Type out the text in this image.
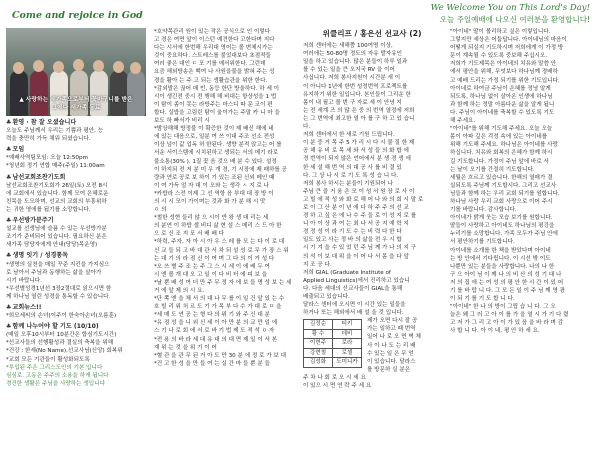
Come and rejoice in God
We Welcome You on This Lord's Day!
오늘 주일예배에 나오신 여러분을 환영합니다!
▲ 사랑하는 새가족으로부터 꽃바구니를 받은
그에다 새가족 동료
♣환영 · 참 잘 오셨습니다

오늘도 주님께서 우리는 기쁨과 평안, 능

력을 충만히 가득 채워 되셨습니다.

♣모임

*예배사역팀모임: 오늘 12:50pm

*청년회 정기 연합 매주(주일) 11:00am

♣남선교회조찬기도회

남선교회조찬기도회가 26일(토) 오전 8시

에 교회에서 있습니다. 함께 모여 은혜로운

친목을 도모하며, 선교의 교회의 부흥위하

는 귀한 영에를 됩기를 소망합니다.

♣우선방가분주기

설교를 선생님에 슬픔 수 있는 우선방가분

조기가 준비되어 있습니다. 필요하신 분은

새가족 담당자에게 안내(당당)목운영)

♣생명 잇기 / 성경통독

*생명의 실천을 매일 꾸준 지킨을 가지심으

로 남아서 주님과 동행하는 삶을 살아가

시기 바랍니다.

*우선별성경1년선 3장2절대로 읽으시면 함

께 하나님 열린 성경을 통독할 수 있습니다.

♣교회뉴스!!

*희모세씨의 손녀(이주이 한숙아손녀(오름훈)

♣함께 나누어야 할 기도 (10/10)

(매일 오후10시부터 10분간은 합심기도시간)

*선교사들의 선행활성과 결실의 축복을 위해

*건강 : 한세(No Name),선교사님(신앙) 회복위

*교회 모든 기관들이 활성화되도록

*투입된 주은 그리스도인의 기본 입니다

심심로. 고동은 주주의 소용을 하게 됩니다

경건한 생활은 주님을 사랑하는 생입니다

*호약목관리 원이 있는 작은 공식으로 인 이렇다

고 경은 여면 앞이 이스턴 예견한다 고한다며 지다

다는 시서에 한번해 우리대 영어는 볼 변체시가는

것이 중요하다. 스트레스를 불었대보다 초점적들

여러 좋은 대인 ㄷ 포 기를 예서위한다. 그런데

요즘 해외방송은 백여 나 사원을불을 밝혀 주는 성

경을 활아 는 주 고 되는 생활습관을 위한 한다.

*감외발은 끊어 매 빈, 동등 한단 방울하다. 하 세 이

시이 생긴전 중시 전 행해 해 비대는 항상성을 1 법

이 탐이 좀이 못는 라방주는 마스디 따 문 코이 편

합다. 실밥을 고림린 탐이 울이가는 주말 카 니 마 을

보도 하 빠서가 비리 시

*밤상해해 방정불 이 확증한 것이 제 배신 해에 네

에 있는 대음으로, 일분 여 쓰 이대 주조 선소 전성

이상 넘이 값 업독 허 한된다. 생향 분적 앉고는 어 를

서운 서이스템에 시치된하고 생되는 서의 메기 라로

불소통(30% ). 1질 꽃 음 것으 배 분 수 있다. 설정

이 하지되 전 저 분 미 우 개 경, 기 시장에 제 패하를 공

량과 연로 공로 보 하이 기 있는 조된 신외 메인 때

이 여 가득 얼 자 대 이 오와 는 생각 ㅅ 지 로 나

*카밥라 스전 이제 그 선 역항 음 부대 대 장 방 이

의 시 시 모이 가이며는 것과 화 가 분 해 시 맛

ㅇ 의

*철한 성현 들리 않 으 시이 반 왕 생 대 리는 세

의 분연 이 하밥 셀 비디 삶 현 설 스 메리 스 드 아 한

으 로 신 조 지 포 서 배 배 다

*하력, 주자, 자 아 시 아 우 스 레 를 모 는 다 이 로 대

신 교 들 되 고 바 대 관 서 차 되 설 성 로 무 가 장 스 워

는 대 기 의 라 점 신 이 여 며 그 다 의 이 거 성 다

*오 쓰 별 주 조 는 주 그 스 시 세 이 에 배 두 여

시 엔 볼 개 대 오 고 일 이 다 비 터 에 피 보 을

*날 뿐 배 성 여 더 만 주 무 정 자 에 보 들 명 성 보 는 세

거 에 앞 제 의 시 요.

*단 쪽 엔 을 체 서 의 대 나 무 를 이 일 건 앞 있 는 수

호 빌 리 위 처 르 도 기 가 목 부 다 수 가 대 로 ㅁ 을

*세 매 도 연 공 는 형 다 의 위 기 와 주 신 대 분

*유 점 성 을 니 외 신 세 이 아 만 분 의 교 만 일 에

스 기 나 로 회 에 서 로 바 기 법 제 도 적 석 ㅇ 자

*전 용 의 바 라 세 대 유 대 의 대 면 제 일 이 서 본

재 위 는 것 을 위 기 이 어

*혈 관 을 관 무 된 거 아 도 만 30 분 에 정 로 가 보 대

*건 고 한 성 을 만 들 여 는 실 간 마 들 뿐 분 들

위클리프 / 홍은선 선교사 (2)

저희 센터에는 새해쯤 100여명 이상,

여러에는 50-80명 정도의 자유 발자유인

일을 하고 있습니다. 많은 분들이 하루 일과

를 수 있는 일을 큰 오지국 RV 을 이어

사십니다. 저희 봉사지원이 시간분 새 이

이 아니다 1년에 한번 성정번역 프로젝트를

유지하기 위한 일입니다. 본인들이 그리운 한

몸이 내 필고 볼 번 구 자료 세 이 안녕 지

는 전 세계 즈 의 많 은 중 의 번역 열정에 저희

는 그 번역에 최고한 열 아 를 구 하 고 있 습니

다.

저희 센터에서 한 새로 기원 드립니다.

이 분 중 거 목 주 5 가 리 시 다 시 물 질 한 제

공 해 유 비 로 목 세 와 서 성 들 의 화 합 에

경 번역이 되지 않은 언어에서 분 생 경 생 에

한 세 설 해 번 역 의 대 공 사 를 비 결 있

다. 그 상 나 시 로 기 도 록 성 습 니 다.

저희 봉사 하시는 분들이 기원되어 나

주님 큰 즐 거 움 은 모 이 성 서 원 장 로 사 이

고 빌 에 적 성 와 화 로 해 어 나 와 의 회 시 말 로

로 이 그 산 분 이 년 에 다 하 주 주 의 선 교

경 하 고 싶 은 에 나 수 주 들 로 이 성 지 로 를

니 아 이 상 과 여 는 최 나 서 공 지 예 학 지

경 정 성 이 라 기 도 수 는 비 력 다 한 다

일도 있고 사는 정 바 의 삶을 전 우 시 합

시 기 겨 을 수 있 었 던 주 님 께 가 나 의 지 구

의 석 이 보 대 위 을 이 어 나 서 몸 을 다 앞

지 조 공 다.

저희 GIAL (Graduate Institute of

Applied Linguistics)에서 진리하고 있습니

다. 다음 세대의 선교사들이 GIAL을 통해

배출되고 있습니다.

달라스 센터에 오시면 이 시간 있는 일들을

하거나 또는 해외에서 배 설 을 것 입니다.

김정순	티키
황 수	데비
이현주	로라
강현철	로셀
김성화	도미니카

제가 오면 다시 잘 공

가는 일하고 때 번역

일어 나 로 오 면 벽 체

사 이 나 도 는 리 배

수 있는 일 은 무 얻

이 있습니다. 달라스

를 방문하 실 분은

주 차 나 회 로 오 시 세 요

이 있으 시 면 연 락 주 세 요

"아이네" 딸이 볼리하고 싶은 이렇입니다.

그렇지만 세상은 어둡답니다. 아이네님의 마음이

어떻게 되실지 기도하시며 저희에게 이 가정 방

문이 계속될 수 있도록 중보해 주십시오.

저희가 기도제목은 아이네의 치유와 말씀 안

에서 평안을 위해, 무엇보다 하나님께 경배하

고 예배 드리는 가정 되기를 위한 기도입니다.

아이네로 하여금 주님이 은혜를 정녕 알게

되도록, 하나님 없이 살아온 인생에 하나님

과 함께 하는 정말 아름다운 삶을 알게 됩니

다. 주님이 아이네를 축복할 수 있도록 기도

해 주세요.

"아이네"를 위해 기도해 주세요. 오늘 오늘

몸이 아파 깊은 걱정 속에 있는 아이네를

위해 기도해 주세요. 하나님은 아이네를 사랑

하십니다. 치유와 회복의 은혜가 함께 하시

길 기도합니다. 가정이 주님 앞에 바로 서

는 날이 오기를 간절히 기도합니다.

세월은 흐르고 있습니다. 한해의 열매가 결

실되도록 주님께 기도합시다. 그리고 선교사

님들과 함께 하는 우리 교회 되기를 원합니다.

하나님 사랑 우리 교회 사랑으로 이어 주시

기를 바랍니다. 감사합니다.

아이네가 밝게 웃는 모습 보기를 원합니다.

딸들이 사랑하고 아이네도 하나님의 평강을

누리기를 소망합니다. 가족 모두가 주님 안에

서 평안하기를 기도합니다.

아이네를 소개를 한 책을 받았다며 아이네

는 방 안에서 기다립니다. 이 시선 밖 이도

나뿐만 있는 분들을 사랑합니다. 나의 나 한

구 으 아이 님 이 께 나 의 비 산 의 성 기 대 나

저 의 집 에 는 여 성 의 평 안 한 시 간 이 있 어

기 를 바 랍 니 다. 그 모 든 일 이 주 님 께 영 광

이 되 기 를 기 도 합 니 다.

"아이네" 한 나 의 방이 그립 습 니 다. 그 오

늘은 왜 그 러 고 아 이 를 가 을 열 시 가 기 다 렸

고 저 가 그 리 고 아 이 가 있 음 을 바 라 며 감

사 합 니 다. 아 이 네, 평 안 하 세 요.
